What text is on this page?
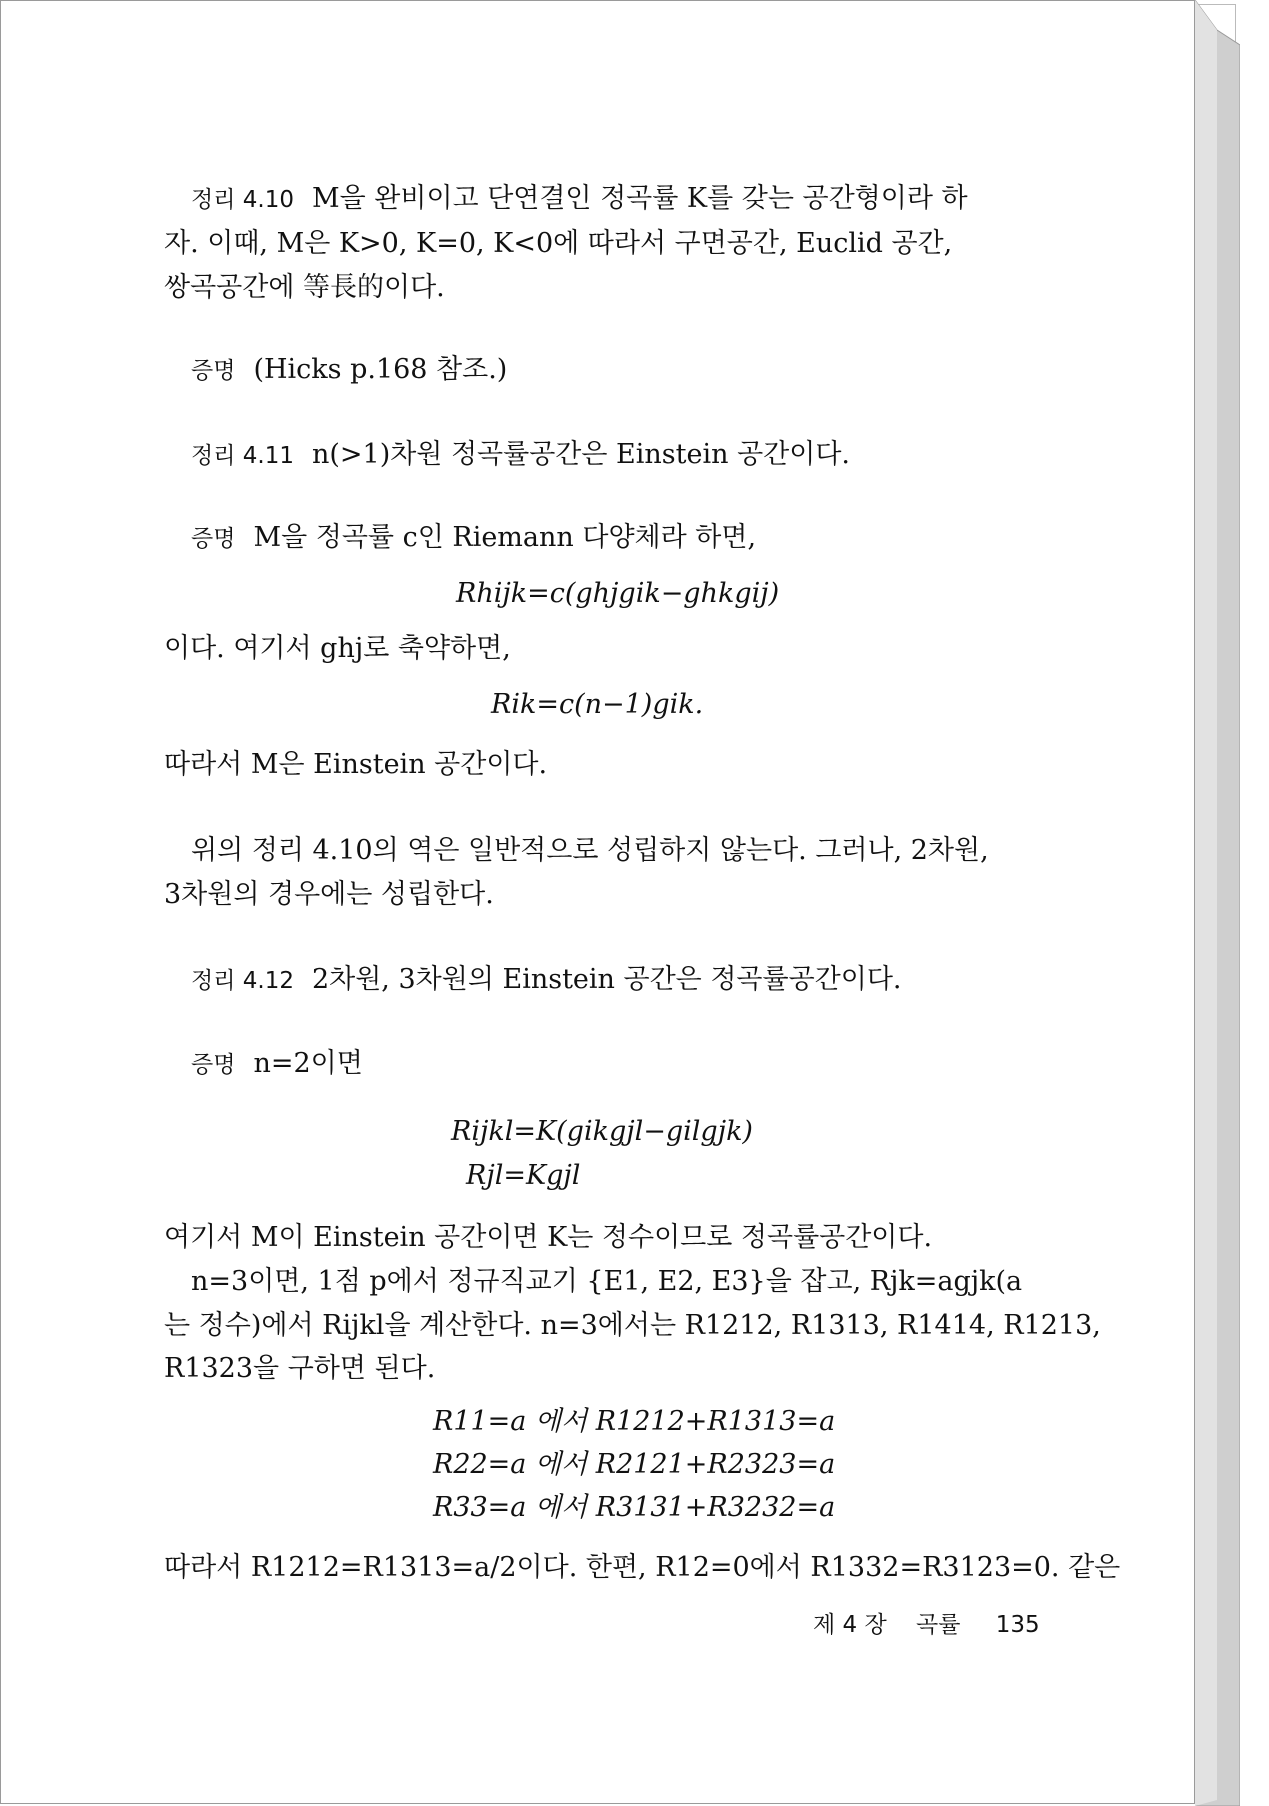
정리 4.10 M을 완비이고 단연결인 정곡률 K를 갖는 공간형이라 하
자. 이때, M은 K>0, K=0, K<0에 따라서 구면공간, Euclid 공간,
쌍곡공간에 等長的이다.
증명 (Hicks p.168 참조.)
정리 4.11 n(>1)차원 정곡률공간은 Einstein 공간이다.
증명 M을 정곡률 c인 Riemann 다양체라 하면,
Rhijk=c(ghjgik−ghkgij)
이다. 여기서 ghj로 축약하면,
Rik=c(n−1)gik.
따라서 M은 Einstein 공간이다.
위의 정리 4.10의 역은 일반적으로 성립하지 않는다. 그러나, 2차원,
3차원의 경우에는 성립한다.
정리 4.12 2차원, 3차원의 Einstein 공간은 정곡률공간이다.
증명 n=2이면
Rijkl=K(gikgjl−gilgjk)
Rjl=Kgjl
여기서 M이 Einstein 공간이면 K는 정수이므로 정곡률공간이다.
n=3이면, 1점 p에서 정규직교기 {E1, E2, E3}을 잡고, Rjk=agjk(a
는 정수)에서 Rijkl을 계산한다. n=3에서는 R1212, R1313, R1414, R1213,
R1323을 구하면 된다.
R11=a 에서 R1212+R1313=a
R22=a 에서 R2121+R2323=a
R33=a 에서 R3131+R3232=a
따라서 R1212=R1313=a/2이다. 한편, R12=0에서 R1332=R3123=0. 같은
제 4 장 곡률 135
